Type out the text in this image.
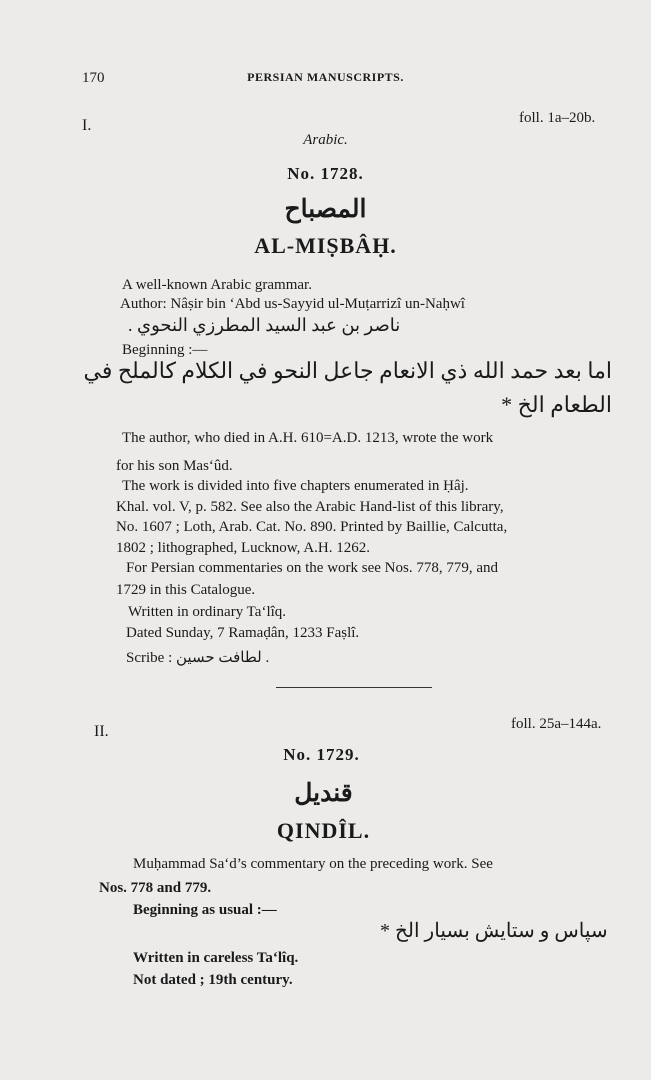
170	PERSIAN MANUSCRIPTS.
I.	foll. 1a–20b.
Arabic.
No. 1728.
المصباح
AL-MIṢBÂḤ.
A well-known Arabic grammar.
Author: Nâṣir bin ‘Abd us-Sayyid ul-Muṭarrizî un-Naḥwî
ناصر بن عبد السيد المطرزي النحوي .
Beginning :—
اما بعد حمد الله ذي الانعام جاعل النحو في الكلام كالملح في
الطعام الخ *
The author, who died in A.H. 610=A.D. 1213, wrote the work
for his son Mas‘ûd.
The work is divided into five chapters enumerated in Ḥâj.
Khal. vol. V, p. 582. See also the Arabic Hand-list of this library,
No. 1607 ; Loth, Arab. Cat. No. 890. Printed by Baillie, Calcutta,
1802 ; lithographed, Lucknow, A.H. 1262.
For Persian commentaries on the work see Nos. 778, 779, and
1729 in this Catalogue.
Written in ordinary Ta‘lîq.
Dated Sunday, 7 Ramaḍân, 1233 Faṣlî.
Scribe : لطافت حسين .
II.	foll. 25a–144a.
No. 1729.
قنديل
QINDÎL.
Muḥammad Sa‘d’s commentary on the preceding work. See
Nos. 778 and 779.
Beginning as usual :—
سپاس و ستايش بسيار الخ *
Written in careless Ta‘lîq.
Not dated ; 19th century.
